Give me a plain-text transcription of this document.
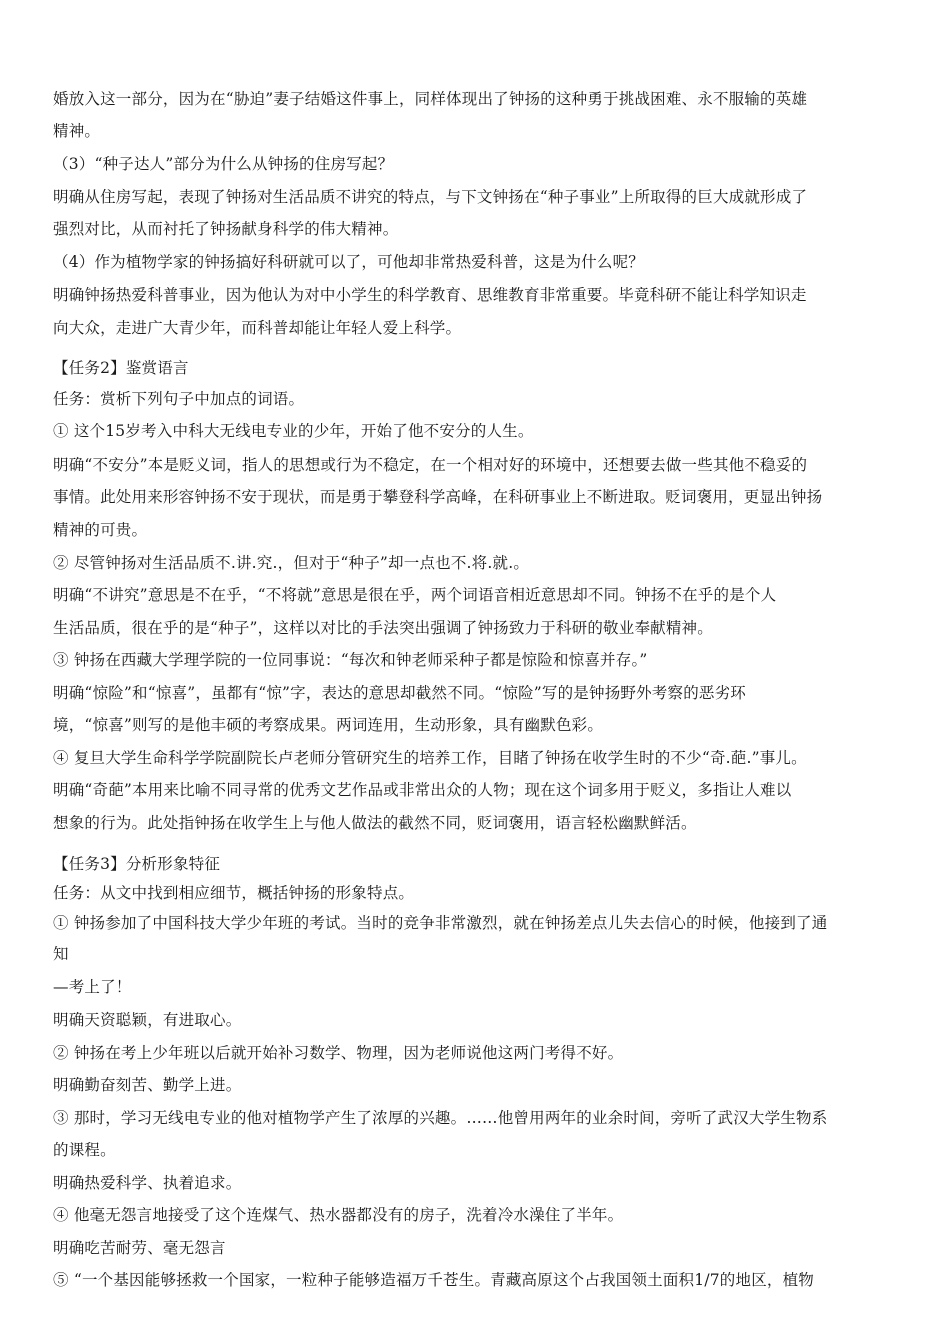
婚放入这一部分，因为在“胁迫”妻子结婚这件事上，同样体现出了钟扬的这种勇于挑战困难、永不服输的英雄
精神。
（3）“种子达人”部分为什么从钟扬的住房写起？
明确从住房写起，表现了钟扬对生活品质不讲究的特点，与下文钟扬在“种子事业”上所取得的巨大成就形成了
强烈对比，从而衬托了钟扬献身科学的伟大精神。
（4）作为植物学家的钟扬搞好科研就可以了，可他却非常热爱科普，这是为什么呢？
明确钟扬热爱科普事业，因为他认为对中小学生的科学教育、思维教育非常重要。毕竟科研不能让科学知识走
向大众，走进广大青少年，而科普却能让年轻人爱上科学。
【任务2】鉴赏语言
任务：赏析下列句子中加点的词语。
① 这个15岁考入中科大无线电专业的少年，开始了他不安分的人生。
明确“不安分”本是贬义词，指人的思想或行为不稳定，在一个相对好的环境中，还想要去做一些其他不稳妥的
事情。此处用来形容钟扬不安于现状，而是勇于攀登科学高峰，在科研事业上不断进取。贬词褒用，更显出钟扬
精神的可贵。
② 尽管钟扬对生活品质不.讲.究.，但对于“种子”却一点也不.将.就.。
明确“不讲究”意思是不在乎，“不将就”意思是很在乎，两个词语音相近意思却不同。钟扬不在乎的是个人
生活品质，很在乎的是“种子”，这样以对比的手法突出强调了钟扬致力于科研的敬业奉献精神。
③ 钟扬在西藏大学理学院的一位同事说：“每次和钟老师采种子都是惊险和惊喜并存。”
明确“惊险”和“惊喜”，虽都有“惊”字，表达的意思却截然不同。“惊险”写的是钟扬野外考察的恶劣环
境，“惊喜”则写的是他丰硕的考察成果。两词连用，生动形象，具有幽默色彩。
④ 复旦大学生命科学学院副院长卢老师分管研究生的培养工作，目睹了钟扬在收学生时的不少“奇.葩.”事儿。
明确“奇葩”本用来比喻不同寻常的优秀文艺作品或非常出众的人物；现在这个词多用于贬义，多指让人难以
想象的行为。此处指钟扬在收学生上与他人做法的截然不同，贬词褒用，语言轻松幽默鲜活。
【任务3】分析形象特征
任务：从文中找到相应细节，概括钟扬的形象特点。
① 钟扬参加了中国科技大学少年班的考试。当时的竞争非常激烈，就在钟扬差点儿失去信心的时候，他接到了通
知
—考上了！
明确天资聪颖，有进取心。
② 钟扬在考上少年班以后就开始补习数学、物理，因为老师说他这两门考得不好。
明确勤奋刻苦、勤学上进。
③ 那时，学习无线电专业的他对植物学产生了浓厚的兴趣。……他曾用两年的业余时间，旁听了武汉大学生物系
的课程。
明确热爱科学、执着追求。
④ 他毫无怨言地接受了这个连煤气、热水器都没有的房子，洗着冷水澡住了半年。
明确吃苦耐劳、毫无怨言
⑤ “一个基因能够拯救一个国家，一粒种子能够造福万千苍生。青藏高原这个占我国领土面积1/7的地区，植物
